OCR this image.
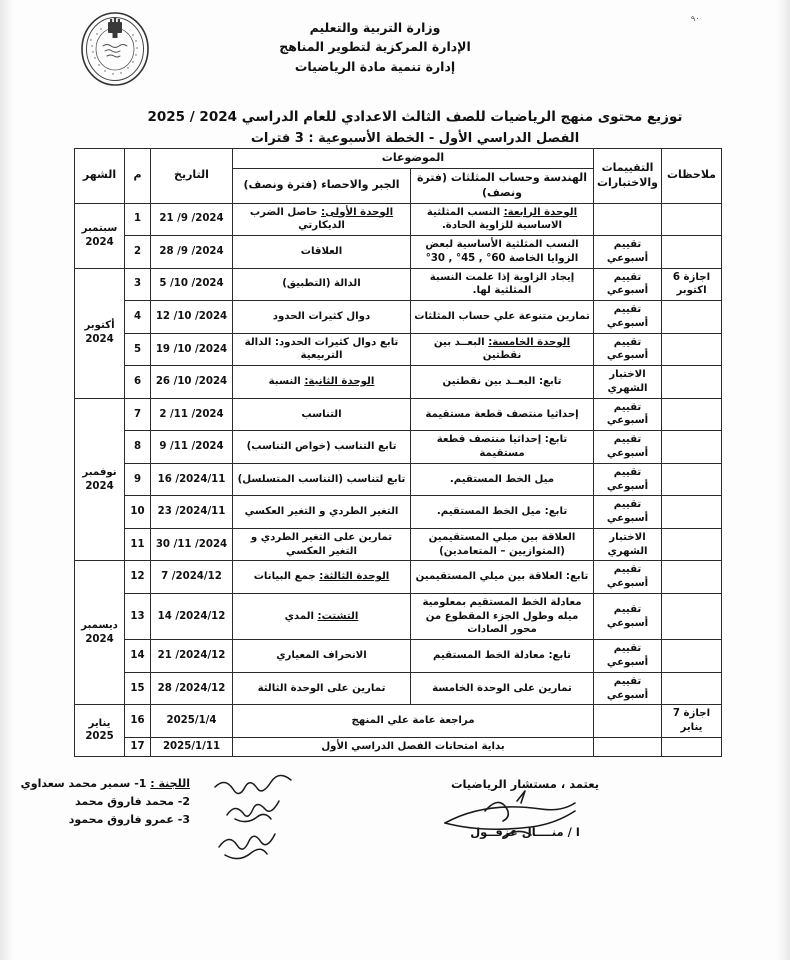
وزارة التربية والتعليم
الإدارة المركزية لتطوير المناهج
إدارة تنمية مادة الرياضيات
٩٠
توزيع محتوى منهج الرياضيات للصف الثالث الاعدادي للعام الدراسي 2024 / 2025
الفصل الدراسي الأول - الخطة الأسبوعية : 3 فترات
ملاحظات	التقييمات والاختبارات	الموضوعات		التاريخ	م	الشهر
		الهندسة وحساب المثلثات (فترة ونصف)	الجبر والاحصاء (فترة ونصف)			
		الوحدة الرابعة: النسب المثلثية الاساسية للزاوية الحادة.	الوحدة الأولى: حاصل الضرب الديكارتي	2024/ 9/ 21	1	سبتمبر 2024
	تقييم أسبوعي	النسب المثلثية الأساسية لبعض الزوايا الخاصة 60° , 45° , 30°	العلاقات	2024/ 9/ 28	2	
اجازة 6 اكتوبر	تقييم أسبوعي	إيجاد الزاوية إذا علمت النسبة المثلثية لها.	الدالة (التطبيق)	2024/ 10/ 5	3	أكتوبر 2024
	تقييم أسبوعي	تمارين متنوعة علي حساب المثلثات	دوال كثيرات الحدود	2024/ 10/ 12	4	
	تقييم أسبوعي	الوحدة الخامسة: البعــد بين نقطتين	تابع دوال كثيرات الحدود: الدالة التربيعية	2024/ 10/ 19	5	
	الاختبار الشهري	تابع: البعــد بين نقطتين	الوحدة الثانية: النسبة	2024/ 10/ 26	6	
	تقييم أسبوعي	إحداثيا منتصف قطعة مستقيمة	التناسب	2024/ 11/ 2	7	نوفمبر 2024
	تقييم أسبوعي	تابع: إحداثيا منتصف قطعة مستقيمة	تابع التناسب (خواص التناسب)	2024/ 11/ 9	8	
	تقييم أسبوعي	ميل الخط المستقيم.	تابع لتناسب (التناسب المتسلسل)	2024/11/ 16	9	
	تقييم أسبوعي	تابع: ميل الخط المستقيم.	التغير الطردي و التغير العكسي	2024/11/ 23	10	
	الاختبار الشهري	العلاقة بين ميلي المستقيمين (المتوازيين – المتعامدين)	تمارين على التغير الطردي و التغير العكسي	2024/ 11/ 30	11	
	تقييم أسبوعي	تابع: العلاقة بين ميلي المستقيمين	الوحدة الثالثة: جمع البيانات	2024/12/ 7	12	ديسمبر 2024
	تقييم أسبوعي	معادلة الخط المستقيم بمعلومية ميله وطول الجزء المقطوع من محور الصادات	التشتت: المدي	2024/12/ 14	13	
	تقييم أسبوعي	تابع: معادلة الخط المستقيم	الانحراف المعياري	2024/12/ 21	14	
	تقييم أسبوعي	تمارين على الوحدة الخامسة	تمارين على الوحدة الثالثة	2024/12/ 28	15	
اجازة 7 يناير		مراجعة عامة علي المنهج		2025/1/4	16	يناير 2025
		بداية امتحانات الفصل الدراسي الأول		2025/1/11	17	
اللجنة : 1- سمير محمد سعداوي
2- محمد فاروق محمد
3- عمرو فاروق محمود
يعتمد ، مستشار الرياضيات
ا / منــــال عزفــول
